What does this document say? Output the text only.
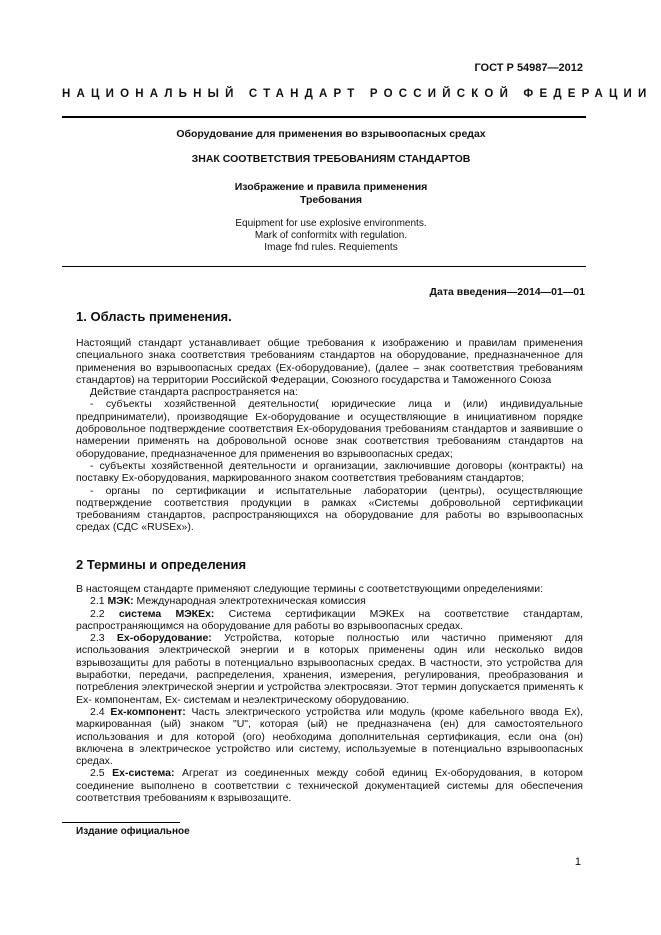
ГОСТ Р 54987—2012
НАЦИОНАЛЬНЫЙ СТАНДАРТ РОССИЙСКОЙ ФЕДЕРАЦИИ
Оборудование для применения во взрывоопасных средах
ЗНАК СООТВЕТСТВИЯ ТРЕБОВАНИЯМ СТАНДАРТОВ
Изображение и правила применения
Требования
Equipment for use explosive environments.
Mark of conformitx with regulation.
Image fnd rules. Requiements
Дата введения—2014—01—01
1. Область применения.

Настоящий стандарт устанавливает общие требования к изображению и правилам применения специального знака соответствия требованиям стандартов на оборудование, предназначенное для применения во взрывоопасных средах (Ех-оборудование), (далее – знак соответствия требованиям стандартов) на территории Российской Федерации, Союзного государства и Таможенного Союза

Действие стандарта распространяется на:

- субъекты хозяйственной деятельности( юридические лица и (или) индивидуальные предприниматели), производящие Ех-оборудование и осуществляющие в инициативном порядке добровольное подтверждение соответствия Ех-оборудования требованиям стандартов и заявившие о намерении применять на добровольной основе знак соответствия требованиям стандартов на оборудование, предназначенное для применения во взрывоопасных средах;

- субъекты хозяйственной деятельности и организации, заключившие договоры (контракты) на поставку Ех-оборудования, маркированного знаком соответствия требованиям стандартов;

- органы по сертификации и испытательные лаборатории (центры), осуществляющие подтверждение соответствия продукции в рамках «Системы добровольной сертификации требованиям стандартов, распространяющихся на оборудование для работы во взрывоопасных средах (СДС «RUSЕх»).

2 Термины и определения

В настоящем стандарте применяют следующие термины с соответствующими определениями:

2.1 МЭК: Международная электротехническая комиссия

2.2 система МЭКЕх: Система сертификации МЭКЕх на соответствие стандартам, распространяющимся на оборудование для работы во взрывоопасных средах.

2.3 Ех-оборудование: Устройства, которые полностью или частично применяют для использования электрической энергии и в которых применены один или несколько видов взрывозащиты для работы в потенциально взрывоопасных средах. В частности, это устройства для выработки, передачи, распределения, хранения, измерения, регулирования, преобразования и потребления электрической энергии и устройства электросвязи. Этот термин допускается применять к Ех- компонентам, Ех- системам и неэлектрическому оборудованию.

2.4 Ех-компонент: Часть электрического устройства или модуль (кроме кабельного ввода Ех), маркированная (ый) знаком "U", которая (ый) не предназначена (ен) для самостоятельного использования и для которой (ого) необходима дополнительная сертификация, если она (он) включена в электрическое устройство или систему, используемые в потенциально взрывоопасных средах.

2.5 Ех-система: Агрегат из соединенных между собой единиц Ех-оборудования, в котором соединение выполнено в соответствии с технической документацией системы для обеспечения соответствия требованиям к взрывозащите.

Издание официальное
1
